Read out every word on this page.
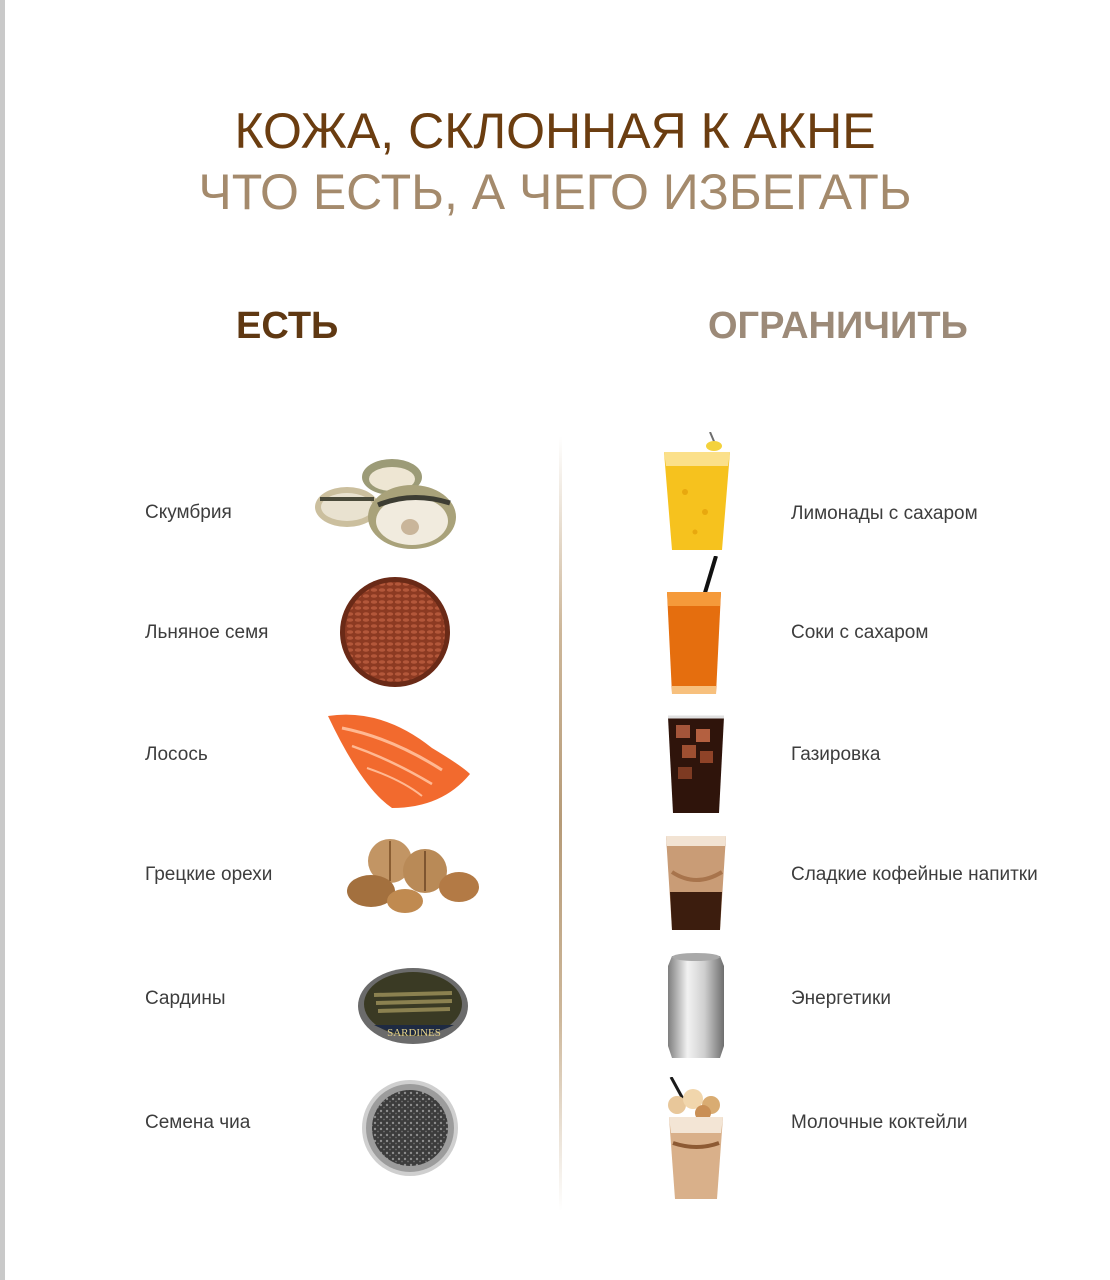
КОЖА, СКЛОННАЯ К АКНЕ
ЧТО ЕСТЬ, А ЧЕГО ИЗБЕГАТЬ
ЕСТЬ	ОГРАНИЧИТЬ
Скумбрия
Льняное семя
Лосось
Грецкие орехи
Сардины
SARDINES
Семена чиа
Лимонады с сахаром
Соки с сахаром
Газировка
Сладкие кофейные напитки
Энергетики
Молочные коктейли
